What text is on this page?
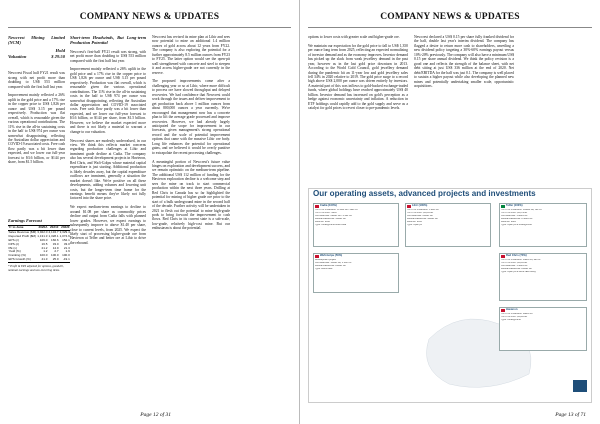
COMPANY NEWS & UPDATES
Newcrest Mining Limited (NCM)
Hold
Valuation	$ 29.50

Newcrest Fiscal half FY21 result was strong with net profit more than doubling to US$ 553 million compared with the first half last year.

Improvement mainly reflected a 26% uplift in the gold price and a 17% rise in the copper price to US$ 1,826 per ounce and US$ 3.15 per pound respectively. Production was flat overall, which is reasonable given the various operational contributions. The 11% rise in the all-in sustaining costs in the half to US$ 974 per ounce was somewhat disappointing, reflecting the Australian dollar appreciation and COVID-19 associated costs. Free cash flow partly was a bit lower than expected, and we lower our full-year forecast to $3.6 billion, or $144 per share, from $1.5 billion.

Earnings Forecast
Yr to June	2020A	2021F	2022F
Sales Revenue ($M)	3,922.0	4,134.7	3,329.4
Reported Profit ($M)	1,131.3	1,328.1	1,074.6
EPS (c)	106.0	166.6	152.1
DPS (c)	16.5	33.0	33.0
PE (x)	21.2	14.9	21.3
Yield (%)	1.2	2.7	1.9
Franking (%)	100.0	100.0	100.0
EPS Growth (%)	41.3	25.0	-19.1
* Profit & EPS adjusted for options, goodwill, notional earnings and non-recurring items.
Short-term Headwinds, But Long-term Production Potential

Newcrest's first-half FY21 result was strong, with net profit more than doubling to US$ 553 million compared with the first half last year.

Improvement mainly reflected a 26% uplift in the gold price and a 17% rise in the copper price to US$ 1,826 per ounce and US$ 3.15 per pound respectively. Production was flat overall, which is reasonable given the various operational contributions. The 11% rise in the all-in sustaining costs in the half to US$ 974 per ounce was somewhat disappointing, reflecting the Australian dollar appreciation and COVID-19 associated costs. Free cash flow partly was a bit lower than expected, and we lower our full-year forecast to $3.6 billion, or $144 per share, from $1.5 billion. However, we believe the market expected more and there is not likely a material to warrant a change to our valuation.

Newcrest shares are modestly undervalued, in our view. We think this reflects market concerns regarding production challenges at Lihir and imminent grade decline at Cadia. The company also has several development projects in Havieron, Red Chris, and Wafi-Golpu whose material capital expenditure is just starting. Additional production is likely decades away, but the capital expenditure outflows are imminent, generally a situation the market doesn't like. We're positive on all these developments, adding volumes and lowering unit costs, but the longer-term time frame for the earnings benefit means they're likely not fully factored into the share price.

We expect medium-term earnings to decline to around $1.08 per share as commodity prices decline and output from Cadia falls with planned lower grades. However, we expect earnings to subsequently improve to above $1.40 per share, close to current levels, from 2025. We expect the likely start of processing higher-grade ore from Havieron at Telfer and better ore at Lihir to drive the rebound.

Newcrest has revised its mine plan at Lihir and sees now potential to mine an additional 1.4 million ounces of gold across about 12 years from FY22. The company is also exploring the potential for a further approximately 8.5 million ounces from FY23 to FY25. The latter option would see the open-pit wall strengthened with concrete and steel to steepen it and access higher-grade ore not currently in the reserve.

The proposed improvements come after a challenging year or so at Lihir, where more difficult to process ore have slowed throughput and delayed recoveries. We had confidence that Newcrest could work through the issues and deliver improvement to get production back above 1 million ounces from about 800,000 ounces a year currently. We're encouraged that management now has a concrete plan to lift the average grade processed and improve recoveries. However, we had already largely anticipated the scope for improvement in our forecasts, given management's strong operational record and the scale of potential improvement options that came with the massive Lihir ore body. Long life enhances the potential for operational gains, and we believed it would be overly punitive to extrapolate the recent processing challenges.

A meaningful portion of Newcrest's future value hinges on exploration and development success, and we remain optimistic on the medium-term pipeline. The additional US$ 112 million of funding for the Havieron exploration decline is a welcome step and sees the mine on track to start commercial production within the next three years. Drilling at Red Chris in Canada has so far highlighted the potential for mining of higher grade ore prior to the start of a bulk underground mine in the second half of the decade. Further activity will be undertaken in 2021 to flesh out the potential to mine high-grade pods to bring forward the improvement to cash flows. Red Chris in its current state is a sub-scale, low-grade, relatively high-cost mine. But our enthusiasm is about the potential.

Page 12 of 31
COMPANY NEWS & UPDATES

options to lower costs with greater scale and higher-grade ore.

We maintain our expectation for the gold price to fall to US$ 1,350 per ounce long term from 2025, reflecting an expected normalizing of investor demand and as the economy improves. Investor demand has picked up the slack from weak jewellery demand in the past year, however as in the last gold price downturn in 2013. According to the World Gold Council, gold jewellery demand during the pandemic hit an 11-year low and gold jewellery sales fell 34% in 2020 relative to 2019. The gold price surge to a record high above US$ 2,000 per ounce was driven entirely by investors. A material part of this was inflows to gold-backed exchange-traded funds, where global holdings have reached approximately US$ 40 billion. Investor demand has increased on gold's perception as a hedge against economic uncertainty and inflation. A reduction in ETF holdings could rapidly add to the gold supply and serve as a catalyst for gold prices to revert closer to pre-pandemic levels.

Newcrest declared a US$ 0.15 per share fully franked dividend for the half, double last year's interim dividend. The company has flagged a desire to return more cash to shareholders, unveiling a new dividend policy targeting a 30%-60% earnings payout versus 10%-20% previously. The company will also have a minimum US$ 0.15 per share annual dividend. We think the policy revision is a good one and reflects the strength of the balance sheet, with net debt sitting at just US$ 336 million at the end of 2020. Net debt/EBITDA for the half was just 0.1. The company is well placed to sustain a higher payout while also developing the planned new mines and potentially undertaking smaller scale, opportunistic acquisitions.

Our operating assets, advanced projects and investments
Cadia (100%)
H1 FY21 Production: 373koz Au / 32kt Cu
H1 FY21 AISC: 34/oz
Ore Reserves: 29Moz Au / 4.1Mt Cu
Mineral Resources: 50Moz Au
Mine life: 2050
Type: Underground block cave
Lihir (100%)
H1 FY21 Production: 3 Moz Au
H1 FY21 AISC: $1,055/oz
Ore Reserves: 23Moz Au
Mineral Resources: 48Moz Au
Mine life: 2053
Type: Open pit
Telfer (100%)
H1 FY21 Production: 189koz Au, 5kt Cu
H1 FY21 AISC: $1,674/oz
Ore Reserves: 1.6Moz Au
Mineral Resources: 8.5Moz Au
Mine life: 2023
Type: Open pit & underground
Red Chris (70%)
H1 FY21 Production: 16koz Au, 9kt Cu
H1 FY21 AISC: $1,055/oz
Ore Reserves: 1.5Moz Au
Mineral Resources: 20Moz Au
Type: Open pit & block cave study
Wafi-Golpu (50%)
Development project
Ore Reserves: 13Moz Au, 5.3Mt Cu
Mineral Resources: 28Moz Au
Type: Block cave
Havieron
H1 FY21 Production: 98koz Au
H1 FY21 AISC: $1,025/oz
Type: Underground
Page 13 of 71
